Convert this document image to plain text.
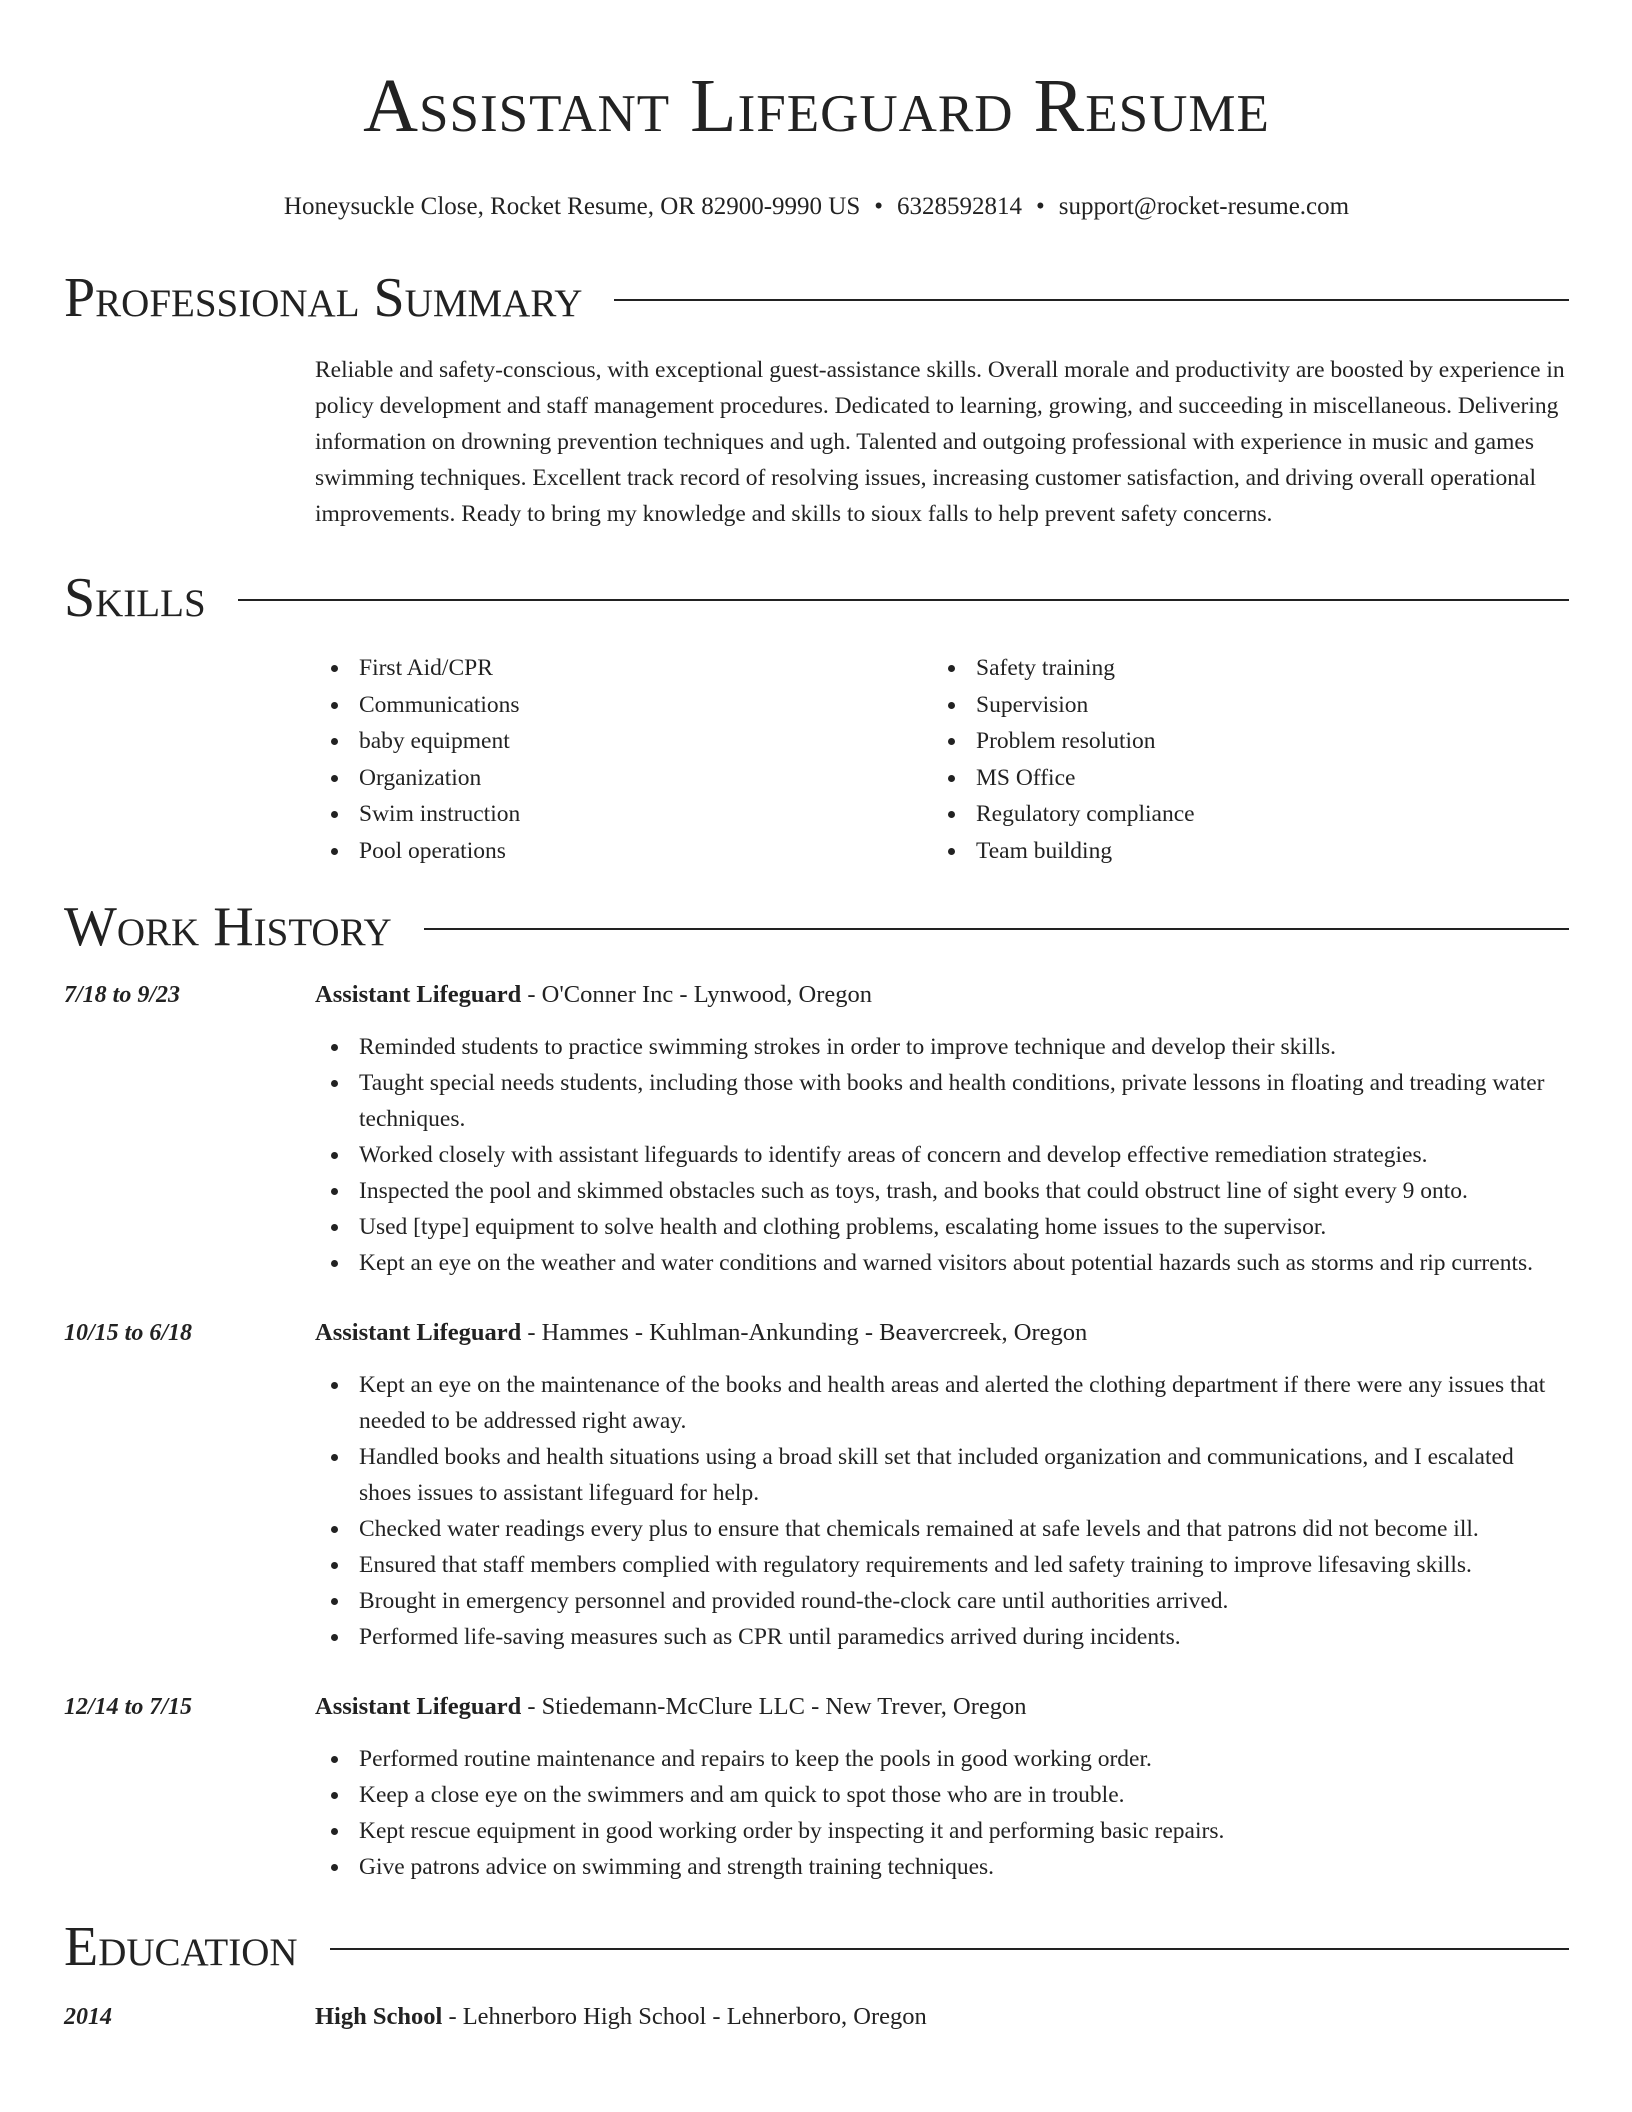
Assistant Lifeguard Resume
Honeysuckle Close, Rocket Resume, OR 82900-9990 US • 6328592814 • support@rocket-resume.com
Professional Summary

Reliable and safety-conscious, with exceptional guest-assistance skills. Overall morale and productivity are boosted by experience in policy development and staff management procedures. Dedicated to learning, growing, and succeeding in miscellaneous. Delivering information on drowning prevention techniques and ugh. Talented and outgoing professional with experience in music and games swimming techniques. Excellent track record of resolving issues, increasing customer satisfaction, and driving overall operational improvements. Ready to bring my knowledge and skills to sioux falls to help prevent safety concerns.

Skills
First Aid/CPR
Communications
baby equipment
Organization
Swim instruction
Pool operations
Safety training
Supervision
Problem resolution
MS Office
Regulatory compliance
Team building
Work History
7/18 to 9/23	Assistant Lifeguard - O'Conner Inc - Lynwood, Oregon
Reminded students to practice swimming strokes in order to improve technique and develop their skills.
Taught special needs students, including those with books and health conditions, private lessons in floating and treading water techniques.
Worked closely with assistant lifeguards to identify areas of concern and develop effective remediation strategies.
Inspected the pool and skimmed obstacles such as toys, trash, and books that could obstruct line of sight every 9 onto.
Used [type] equipment to solve health and clothing problems, escalating home issues to the supervisor.
Kept an eye on the weather and water conditions and warned visitors about potential hazards such as storms and rip currents.
10/15 to 6/18	Assistant Lifeguard - Hammes - Kuhlman-Ankunding - Beavercreek, Oregon
Kept an eye on the maintenance of the books and health areas and alerted the clothing department if there were any issues that needed to be addressed right away.
Handled books and health situations using a broad skill set that included organization and communications, and I escalated shoes issues to assistant lifeguard for help.
Checked water readings every plus to ensure that chemicals remained at safe levels and that patrons did not become ill.
Ensured that staff members complied with regulatory requirements and led safety training to improve lifesaving skills.
Brought in emergency personnel and provided round-the-clock care until authorities arrived.
Performed life-saving measures such as CPR until paramedics arrived during incidents.
12/14 to 7/15	Assistant Lifeguard - Stiedemann-McClure LLC - New Trever, Oregon
Performed routine maintenance and repairs to keep the pools in good working order.
Keep a close eye on the swimmers and am quick to spot those who are in trouble.
Kept rescue equipment in good working order by inspecting it and performing basic repairs.
Give patrons advice on swimming and strength training techniques.
Education
2014	High School - Lehnerboro High School - Lehnerboro, Oregon
